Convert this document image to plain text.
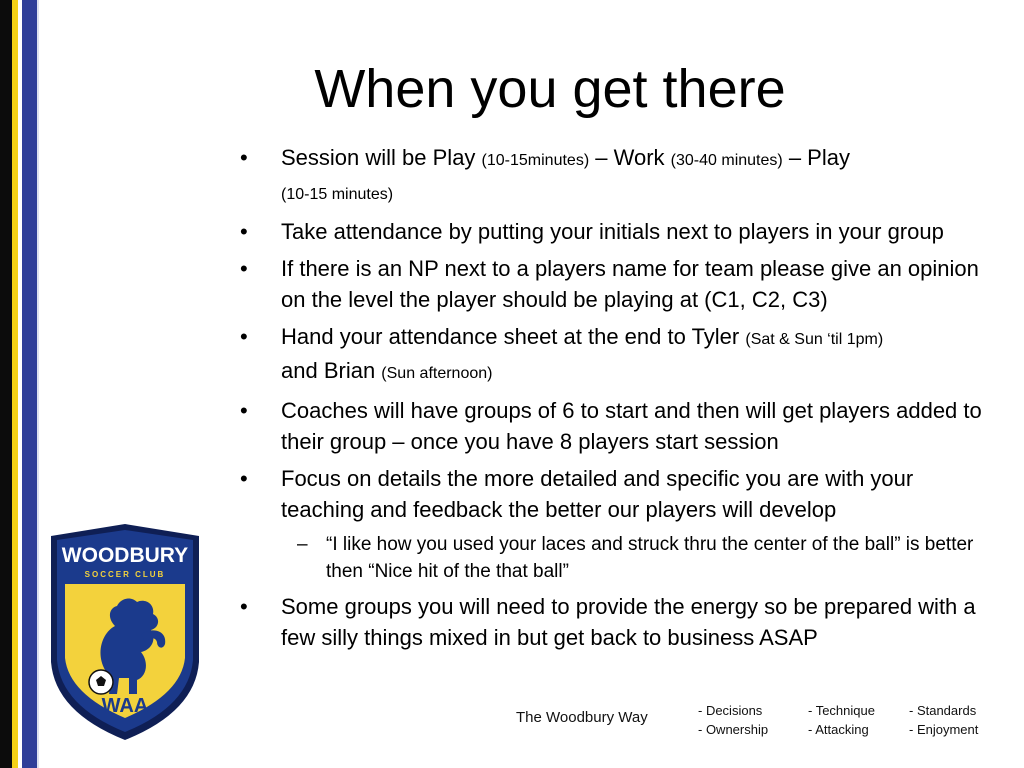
When you get there
• Session will be Play (10-15minutes) – Work (30-40 minutes) – Play
(10-15 minutes)
• Take attendance by putting your initials next to players in your group
• If there is an NP next to a players name for team please give an opinion on the level the player should be playing at (C1, C2, C3)
• Hand your attendance sheet at the end to Tyler (Sat & Sun ‘til 1pm)
and Brian (Sun afternoon)
• Coaches will have groups of 6 to start and then will get players added to their group – once you have 8 players start session
• Focus on details the more detailed and specific you are with your teaching and feedback the better our players will develop
– “I like how you used your laces and struck thru the center of the ball” is better then “Nice hit of the that ball”
• Some groups you will need to provide the energy so be prepared with a few silly things mixed in but get back to business ASAP
WOODBURY
SOCCER CLUB
WAA
The Woodbury Way	- Decisions
- Ownership
- Technique
- Attacking
- Standards
- Enjoyment
